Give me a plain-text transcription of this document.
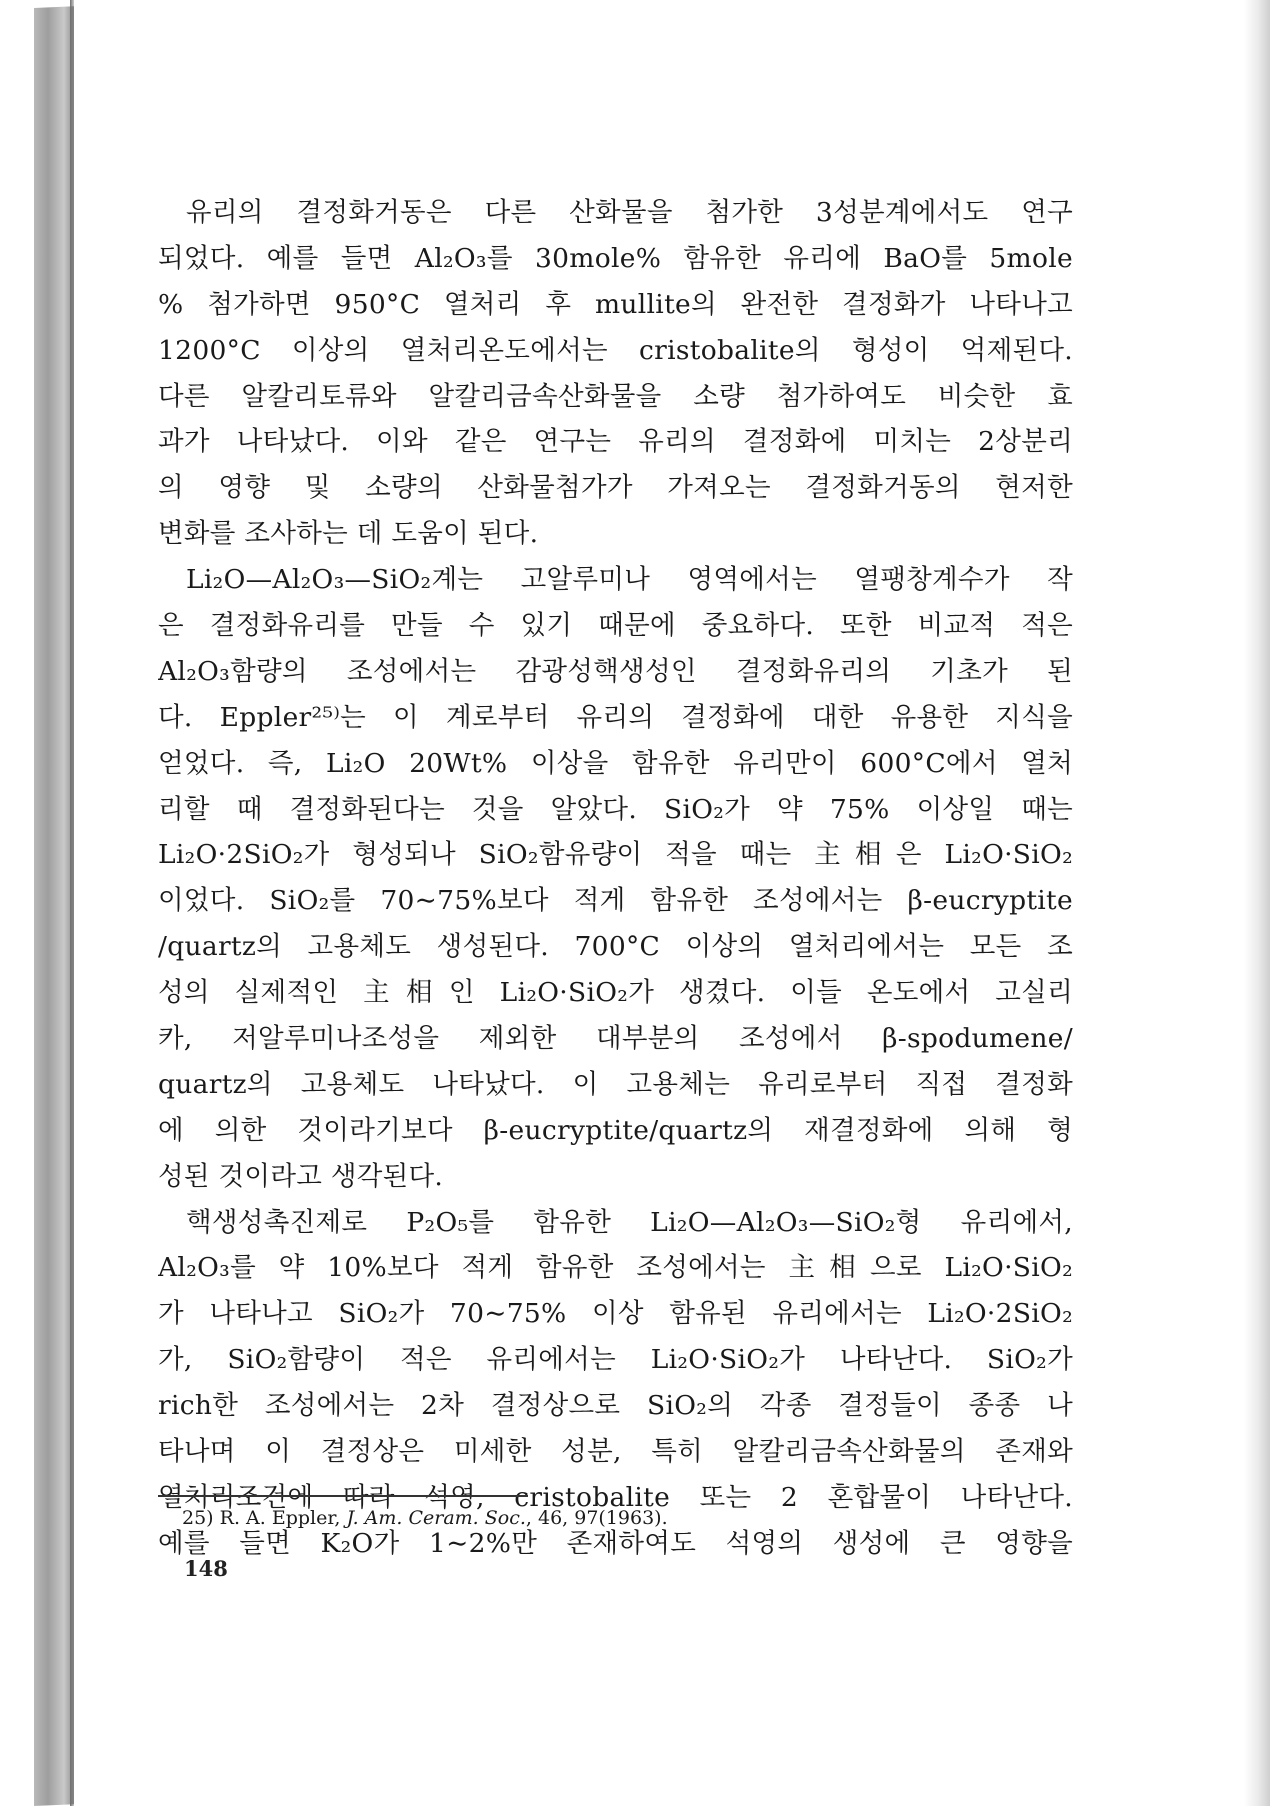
유리의 결정화거동은 다른 산화물을 첨가한 3성분계에서도 연구
되었다. 예를 들면 Al₂O₃를 30mole% 함유한 유리에 BaO를 5mole
% 첨가하면 950°C 열처리 후 mullite의 완전한 결정화가 나타나고
1200°C 이상의 열처리온도에서는 cristobalite의 형성이 억제된다.
다른 알칼리토류와 알칼리금속산화물을 소량 첨가하여도 비슷한 효
과가 나타났다. 이와 같은 연구는 유리의 결정화에 미치는 2상분리
의 영향 및 소량의 산화물첨가가 가져오는 결정화거동의 현저한
변화를 조사하는 데 도움이 된다.
Li₂O—Al₂O₃—SiO₂계는 고알루미나 영역에서는 열팽창계수가 작
은 결정화유리를 만들 수 있기 때문에 중요하다. 또한 비교적 적은
Al₂O₃함량의 조성에서는 감광성핵생성인 결정화유리의 기초가 된
다. Eppler²⁵⁾는 이 계로부터 유리의 결정화에 대한 유용한 지식을
얻었다. 즉, Li₂O 20Wt% 이상을 함유한 유리만이 600°C에서 열처
리할 때 결정화된다는 것을 알았다. SiO₂가 약 75% 이상일 때는
Li₂O·2SiO₂가 형성되나 SiO₂함유량이 적을 때는 主相은 Li₂O·SiO₂
이었다. SiO₂를 70∼75%보다 적게 함유한 조성에서는 β-eucryptite
/quartz의 고용체도 생성된다. 700°C 이상의 열처리에서는 모든 조
성의 실제적인 主相인 Li₂O·SiO₂가 생겼다. 이들 온도에서 고실리
카, 저알루미나조성을 제외한 대부분의 조성에서 β-spodumene/
quartz의 고용체도 나타났다. 이 고용체는 유리로부터 직접 결정화
에 의한 것이라기보다 β-eucryptite/quartz의 재결정화에 의해 형
성된 것이라고 생각된다.
핵생성촉진제로 P₂O₅를 함유한 Li₂O—Al₂O₃—SiO₂형 유리에서,
Al₂O₃를 약 10%보다 적게 함유한 조성에서는 主相으로 Li₂O·SiO₂
가 나타나고 SiO₂가 70∼75% 이상 함유된 유리에서는 Li₂O·2SiO₂
가, SiO₂함량이 적은 유리에서는 Li₂O·SiO₂가 나타난다. SiO₂가
rich한 조성에서는 2차 결정상으로 SiO₂의 각종 결정들이 종종 나
타나며 이 결정상은 미세한 성분, 특히 알칼리금속산화물의 존재와
열처리조건에 따라 석영, cristobalite 또는 2 혼합물이 나타난다.
예를 들면 K₂O가 1∼2%만 존재하여도 석영의 생성에 큰 영향을
25) R. A. Eppler, J. Am. Ceram. Soc., 46, 97(1963).
148
